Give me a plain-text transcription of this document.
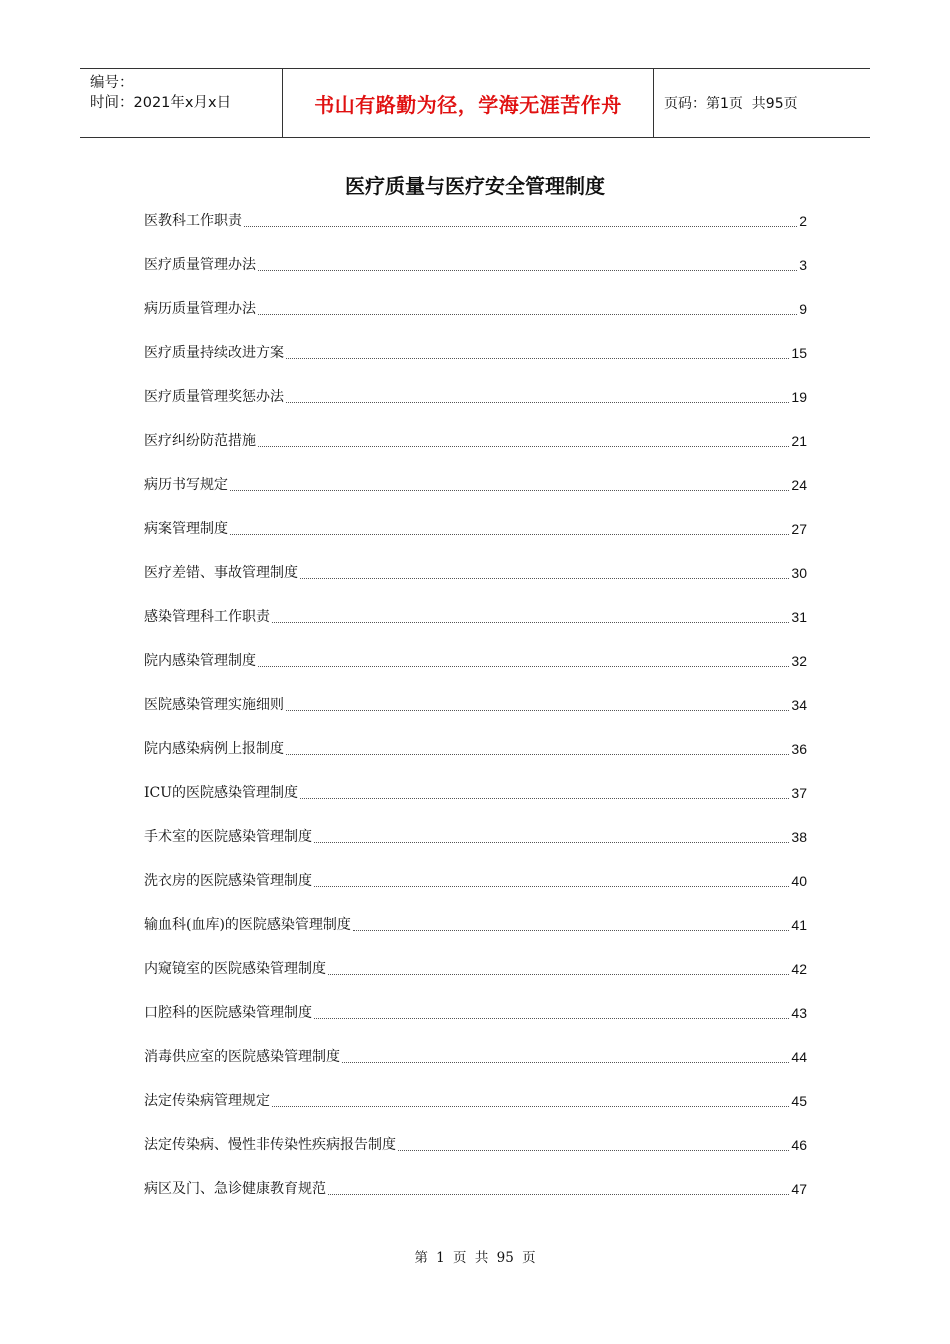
编号：
时间：2021年x月x日	书山有路勤为径，学海无涯苦作舟	页码：第1页  共95页
医疗质量与医疗安全管理制度
医教科工作职责	2
医疗质量管理办法	3
病历质量管理办法	9
医疗质量持续改进方案	15
医疗质量管理奖惩办法	19
医疗纠纷防范措施	21
病历书写规定	24
病案管理制度	27
医疗差错、事故管理制度	30
感染管理科工作职责	31
院内感染管理制度	32
医院感染管理实施细则	34
院内感染病例上报制度	36
ICU的医院感染管理制度	37
手术室的医院感染管理制度	38
洗衣房的医院感染管理制度	40
输血科(血库)的医院感染管理制度	41
内窥镜室的医院感染管理制度	42
口腔科的医院感染管理制度	43
消毒供应室的医院感染管理制度	44
法定传染病管理规定	45
法定传染病、慢性非传染性疾病报告制度	46
病区及门、急诊健康教育规范	47
第 1 页 共 95 页
